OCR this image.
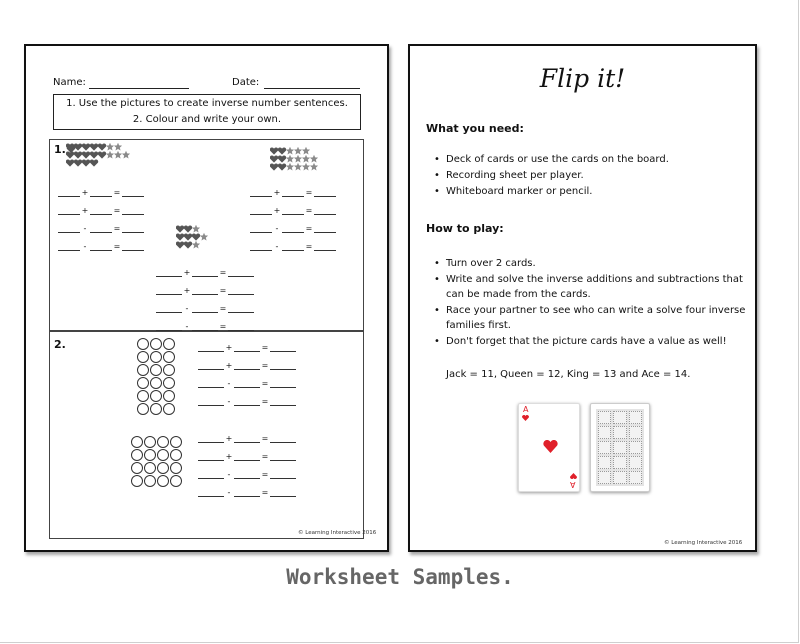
Name:	Date:
1. Use the pictures to create inverse number sentences.
2. Colour and write your own.
1.
2.
© Learning Interactive 2016
+	=
+	=
-	=
-	=
+	=
+	=
-	=
-	=
+	=
+	=
-	=
-	=
+	=
+	=
-	=
-	=
+	=
+	=
-	=
-	=
Flip it!
What you need:
• Deck of cards or use the cards on the board.
• Recording sheet per player.
• Whiteboard marker or pencil.
How to play:
• Turn over 2 cards.
• Write and solve the inverse additions and subtractions that can be made from the cards.
• Race your partner to see who can write a solve four inverse families first.
• Don't forget that the picture cards have a value as well!
Jack = 11, Queen = 12, King = 13 and Ace = 14.
A
A
© Learning Interactive 2016
Worksheet Samples.
